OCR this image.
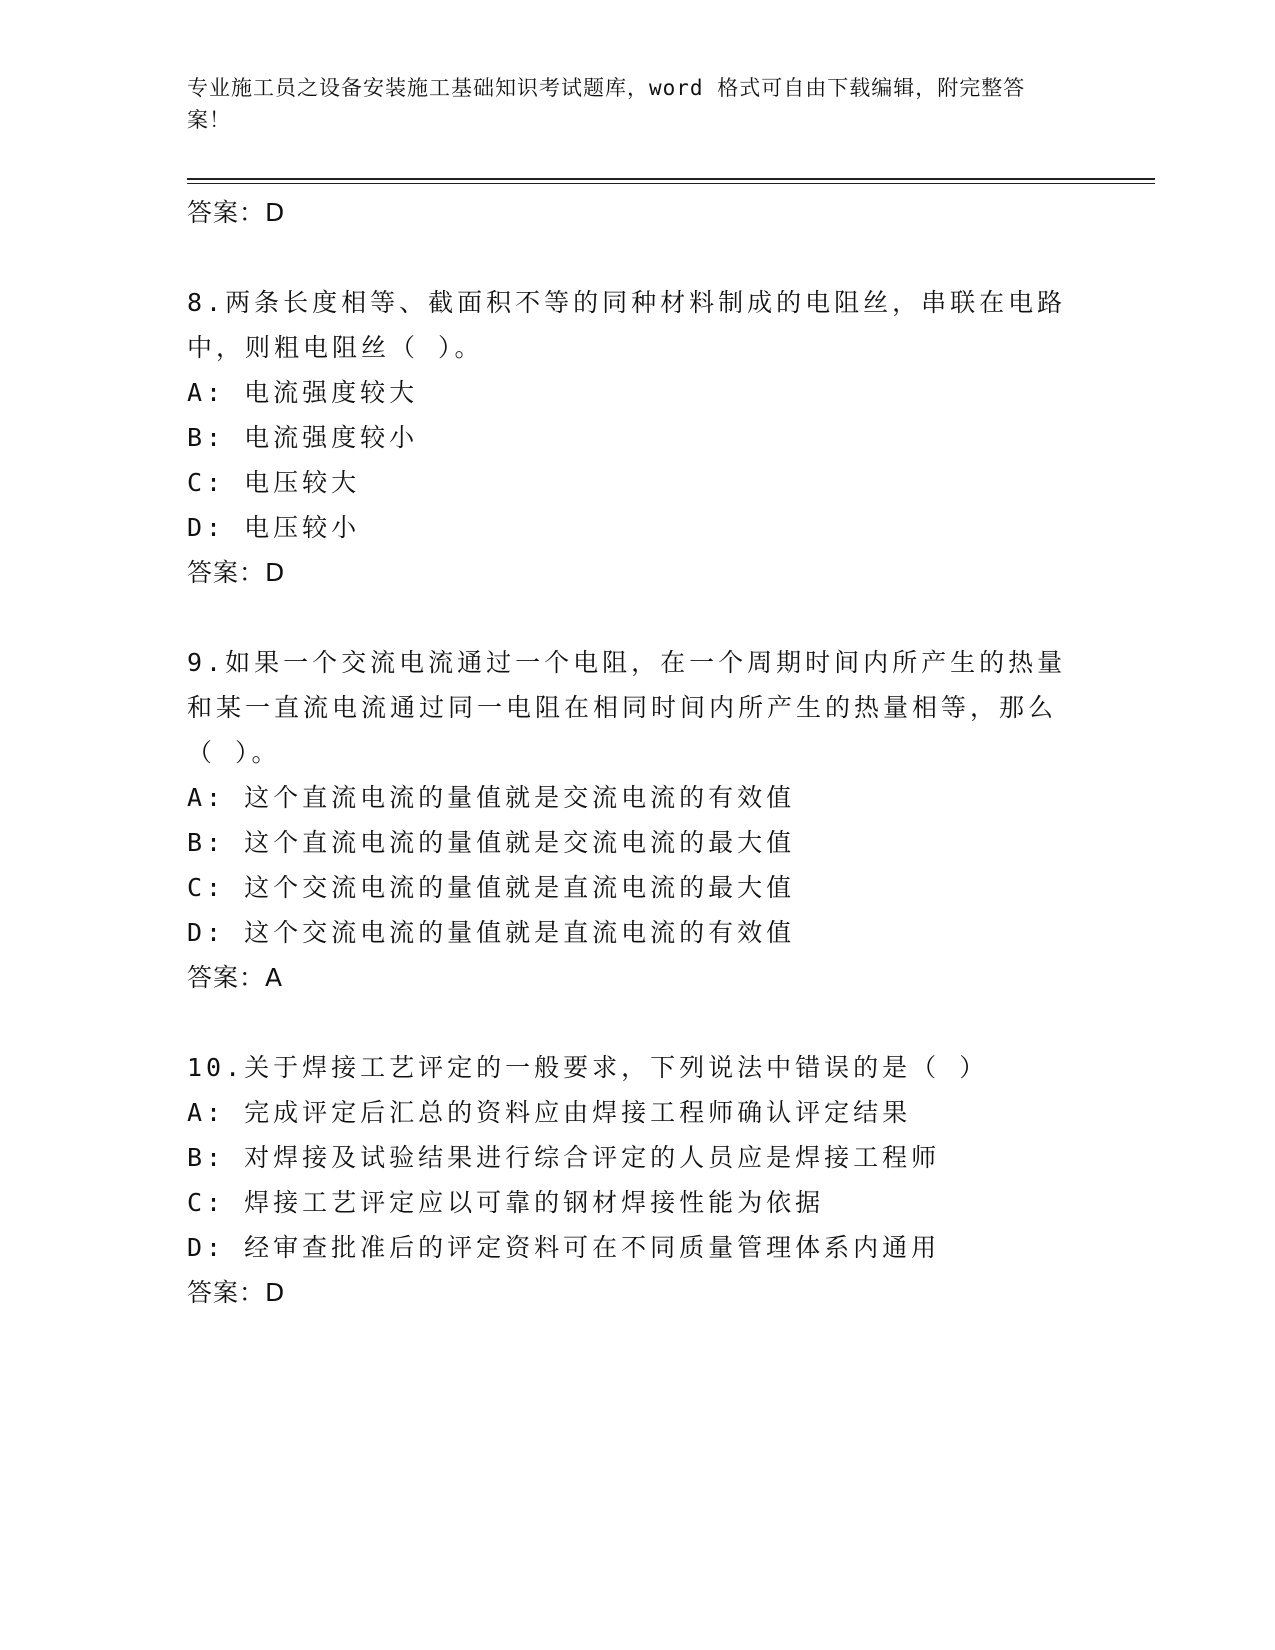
专业施工员之设备安装施工基础知识考试题库，word 格式可自由下载编辑，附完整答案！
答案：D
8.两条长度相等、截面积不等的同种材料制成的电阻丝，串联在电路中，则粗电阻丝（ ）。
A: 电流强度较大
B: 电流强度较小
C: 电压较大
D: 电压较小
答案：D
9.如果一个交流电流通过一个电阻，在一个周期时间内所产生的热量和某一直流电流通过同一电阻在相同时间内所产生的热量相等，那么（ ）。
A: 这个直流电流的量值就是交流电流的有效值
B: 这个直流电流的量值就是交流电流的最大值
C: 这个交流电流的量值就是直流电流的最大值
D: 这个交流电流的量值就是直流电流的有效值
答案：A
10.关于焊接工艺评定的一般要求，下列说法中错误的是（ ）
A: 完成评定后汇总的资料应由焊接工程师确认评定结果
B: 对焊接及试验结果进行综合评定的人员应是焊接工程师
C: 焊接工艺评定应以可靠的钢材焊接性能为依据
D: 经审查批准后的评定资料可在不同质量管理体系内通用
答案：D
